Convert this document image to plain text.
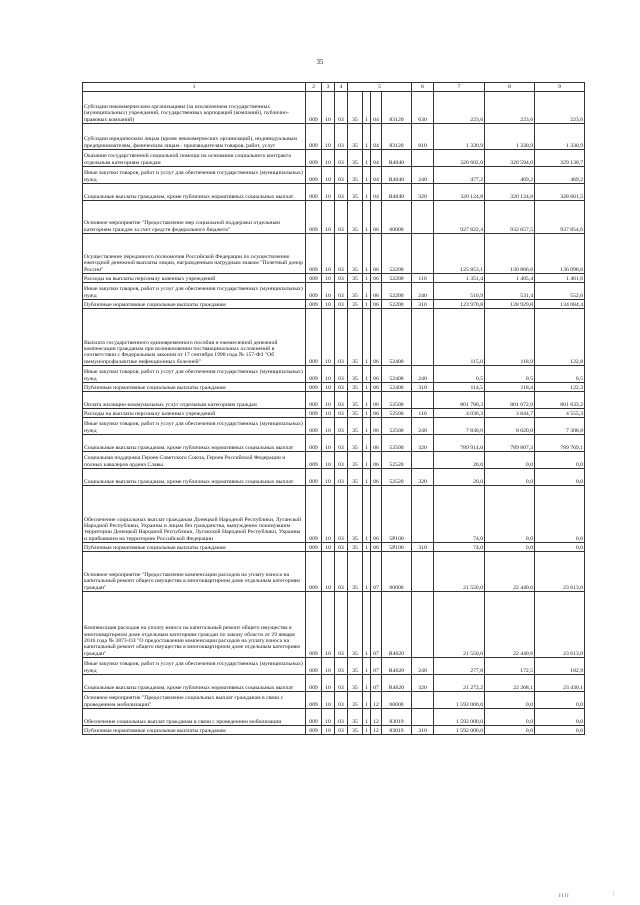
35
1	2	3	4	5				6	7	8	9
Субсидии некоммерческим организациям (за исключением государственных (муниципальных) учреждений, государственных корпораций (компаний), публично-правовых компаний)	009	10	03	35	1	04	83120	630	223,6	223,6	223,6
Субсидии юридическим лицам (кроме некоммерческих организаций), индивидуальным предпринимателям, физическим лицам - производителям товаров, работ, услуг	009	10	03	35	1	04	83120	810	1 330,9	1 330,9	1 330,9
Оказание государственной социальной помощи на основании социального контракта отдельным категориям граждан	009	10	03	35	1	04	R4040		320 602,0	320 594,0	329 130,7
Иные закупки товаров, работ и услуг для обеспечения государственных (муниципальных) нужд	009	10	03	35	1	04	R4040	240	477,2	469,2	469,2
Социальные выплаты гражданам, кроме публичных нормативных социальных выплат	009	10	03	35	1	04	R4040	320	320 124,8	320 124,8	328 661,5
Основное мероприятие "Предоставление мер социальной поддержки отдельным категориям граждан за счет средств федерального бюджета"	009	10	03	35	1	06	00000		927 822,4	932 657,5	937 854,6
Осуществление переданного полномочия Российской Федерации по осуществлению ежегодной денежной выплаты лицам, награжденным нагрудным знаком "Почетный донор России"	009	10	03	35	1	06	52200		125 853,1	130 866,6	136 098,6
Расходы на выплаты персоналу казенных учреждений	009	10	03	35	1	06	52200	110	1 351,4	1 405,4	1 461,6
Иные закупки товаров, работ и услуг для обеспечения государственных (муниципальных) нужд	009	10	03	35	1	06	52200	240	510,9	531,4	552,6
Публичные нормативные социальные выплаты гражданам	009	10	03	35	1	06	52200	310	123 970,8	128 929,8	134 084,4
Выплата государственного единовременного пособия и ежемесячной денежной компенсации гражданам при возникновении поствакцинальных осложнений в соответствии с Федеральным законом от 17 сентября 1998 года № 157-ФЗ "Об иммунопрофилактике инфекционных болезней"	009	10	03	35	1	06	52400		115,0	118,9	122,8
Иные закупки товаров, работ и услуг для обеспечения государственных (муниципальных) нужд	009	10	03	35	1	06	52400	240	0,5	0,5	0,5
Публичные нормативные социальные выплаты гражданам	009	10	03	35	1	06	52400	310	114,5	118,4	122,3
Оплата жилищно-коммунальных услуг отдельным категориям граждан	009	10	03	35	1	06	52500		801 780,3	801 672,0	801 633,2
Расходы на выплаты персоналу казенных учреждений	009	10	03	35	1	06	52500	110	4 036,3	3 844,7	4 555,3
Иные закупки товаров, работ и услуг для обеспечения государственных (муниципальных) нужд	009	10	03	35	1	06	52500	240	7 830,0	8 020,0	7 308,8
Социальные выплаты гражданам, кроме публичных нормативных социальных выплат	009	10	03	35	1	06	52500	320	789 914,0	789 807,3	789 769,1
Социальная поддержка Героев Советского Союза, Героев Российской Федерации и полных кавалеров ордена Славы	009	10	03	35	1	06	52520		20,0	0,0	0,0
Социальные выплаты гражданам, кроме публичных нормативных социальных выплат	009	10	03	35	1	06	52520	320	20,0	0,0	0,0
Обеспечение социальных выплат гражданам Донецкой Народной Республики, Луганской Народной Республики, Украины и лицам без гражданства, вынужденно покинувшим территории Донецкой Народной Республики, Луганской Народной Республики, Украины и прибывшим на территорию Российской Федерации	009	10	03	35	1	06	5Р100		74,0	0,0	0,0
Публичные нормативные социальные выплаты гражданам	009	10	03	35	1	06	5Р100	310	74,0	0,0	0,0
Основное мероприятие "Предоставление компенсации расходов на уплату взноса на капитальный ремонт общего имущества в многоквартирном доме отдельным категориям граждан"	009	10	03	35	1	07	00000		21 550,0	22 440,6	23 613,0
Компенсация расходов на уплату взноса на капитальный ремонт общего имущества в многоквартирном доме отдельным категориям граждан по закону области от 29 января 2016 года № 3873-ОЗ "О предоставлении компенсации расходов на уплату взноса на капитальный ремонт общего имущества в многоквартирном доме отдельным категориям граждан"	009	10	03	35	1	07	R4620		21 550,0	22 440,6	23 613,0
Иные закупки товаров, работ и услуг для обеспечения государственных (муниципальных) нужд	009	10	03	35	1	07	R4620	240	277,8	172,5	182,9
Социальные выплаты гражданам, кроме публичных нормативных социальных выплат	009	10	03	35	1	07	R4620	320	21 272,2	22 268,1	23 430,1
Основное мероприятие "Предоставление социальных выплат гражданам в связи с проведением мобилизации"	009	10	03	35	1	12	00000		1 592 000,0	0,0	0,0
Обеспечение социальных выплат гражданам в связи с проведением мобилизации	009	10	03	35	1	12	83019		1 592 000,0	0,0	0,0
Публичные нормативные социальные выплаты гражданам	009	10	03	35	1	12	83019	310	1 592 000,0	0,0	0,0
IIII	|
